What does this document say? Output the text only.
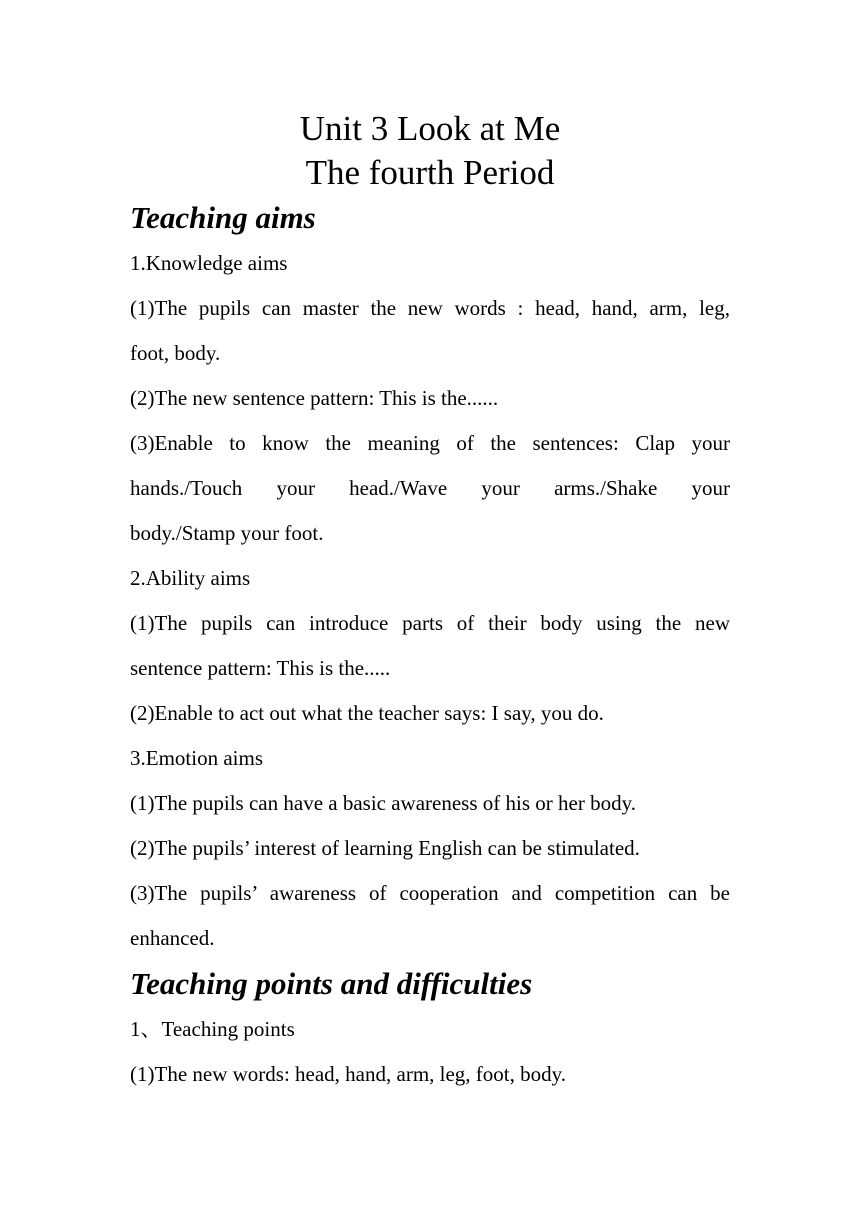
Unit 3 Look at Me
The fourth Period
Teaching aims
1.Knowledge aims
(1)The pupils can master the new words : head, hand, arm, leg,
foot, body.
(2)The new sentence pattern: This is the......
(3)Enable to know the meaning of the sentences: Clap your
hands./Touch your head./Wave your arms./Shake your
body./Stamp your foot.
2.Ability aims
(1)The pupils can introduce parts of their body using the new
sentence pattern: This is the.....
(2)Enable to act out what the teacher says: I say, you do.
3.Emotion aims
(1)The pupils can have a basic awareness of his or her body.
(2)The pupils’ interest of learning English can be stimulated.
(3)The pupils’ awareness of cooperation and competition can be
enhanced.
Teaching points and difficulties
1、Teaching points
(1)The new words: head, hand, arm, leg, foot, body.
